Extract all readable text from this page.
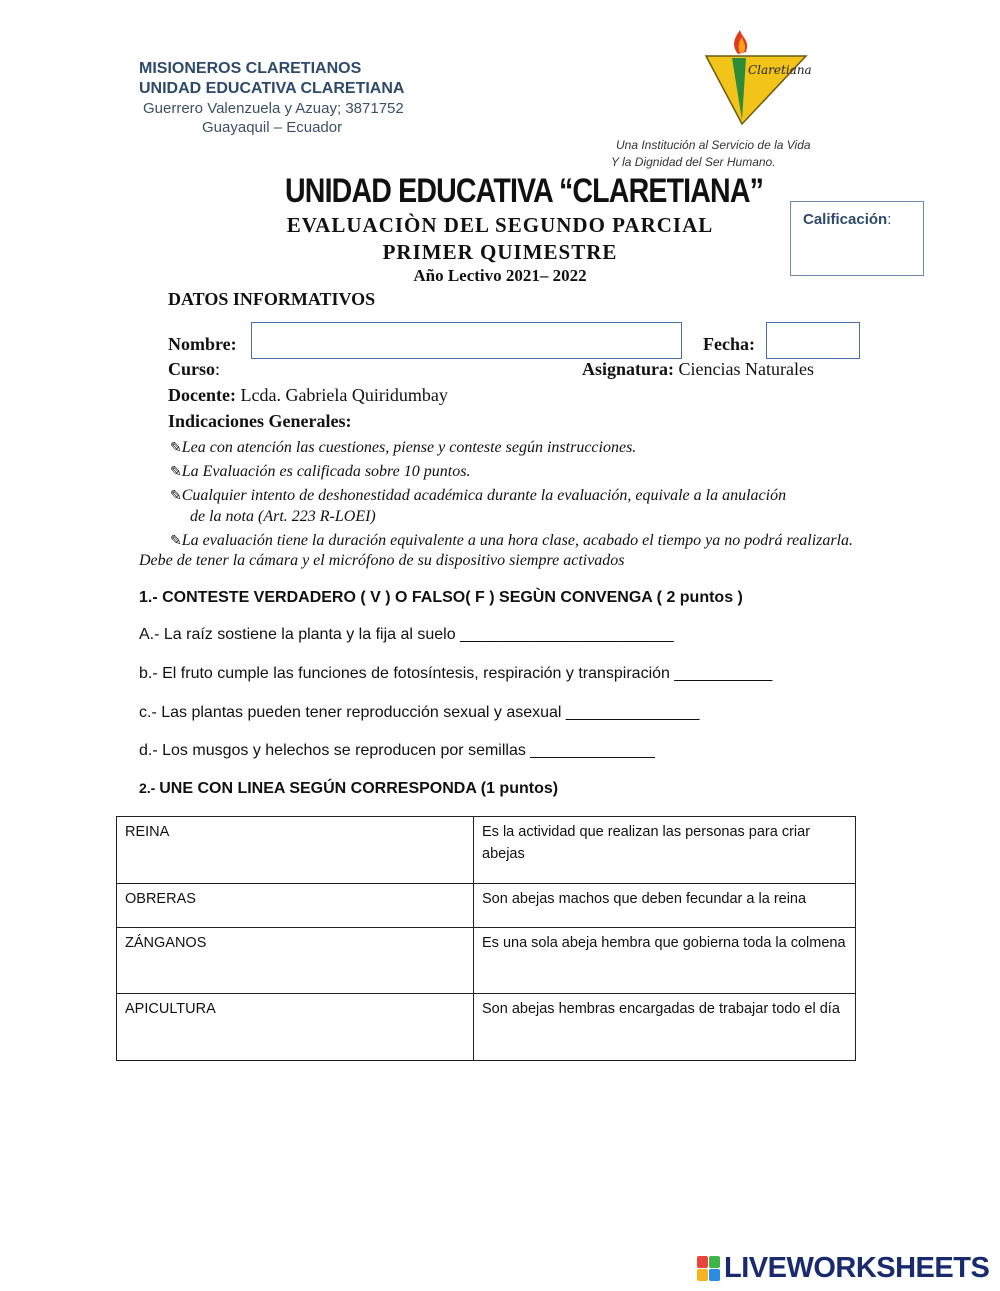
MISIONEROS CLARETIANOS
UNIDAD EDUCATIVA CLARETIANA
Guerrero Valenzuela y Azuay; 3871752
Guayaquil – Ecuador
Claretiana
Una Institución al Servicio de la Vida
Y la Dignidad del Ser Humano.
UNIDAD EDUCATIVA “CLARETIANA”
EVALUACIÒN DEL SEGUNDO PARCIAL
PRIMER QUIMESTRE
Año Lectivo 2021– 2022
Calificación:
DATOS INFORMATIVOS
Nombre:	Fecha:
Curso:	Asignatura: Ciencias Naturales
Docente: Lcda. Gabriela Quiridumbay
Indicaciones Generales:
✎Lea con atención las cuestiones, piense y conteste según instrucciones.
✎La Evaluación es calificada sobre 10 puntos.
✎Cualquier intento de deshonestidad académica durante la evaluación, equivale a la anulación
de la nota (Art. 223 R-LOEI)
✎La evaluación tiene la duración equivalente a una hora clase, acabado el tiempo ya no podrá realizarla.
Debe de tener la cámara y el micrófono de su dispositivo siempre activados
1.- CONTESTE VERDADERO ( V ) O FALSO( F ) SEGÙN CONVENGA ( 2 puntos )
A.- La raíz sostiene la planta y la fija al suelo ________________________
b.- El fruto cumple las funciones de fotosíntesis, respiración y transpiración ___________
c.- Las plantas pueden tener reproducción sexual y asexual _______________
d.- Los musgos y helechos se reproducen por semillas ______________
2.- UNE CON LINEA SEGÚN CORRESPONDA (1 puntos)
REINA	Es la actividad que realizan las personas para criar abejas
OBRERAS	Son abejas machos que deben fecundar a la reina
ZÁNGANOS	Es una sola abeja hembra que gobierna toda la colmena
APICULTURA	Son abejas hembras encargadas de trabajar todo el día
LIVEWORKSHEETS
